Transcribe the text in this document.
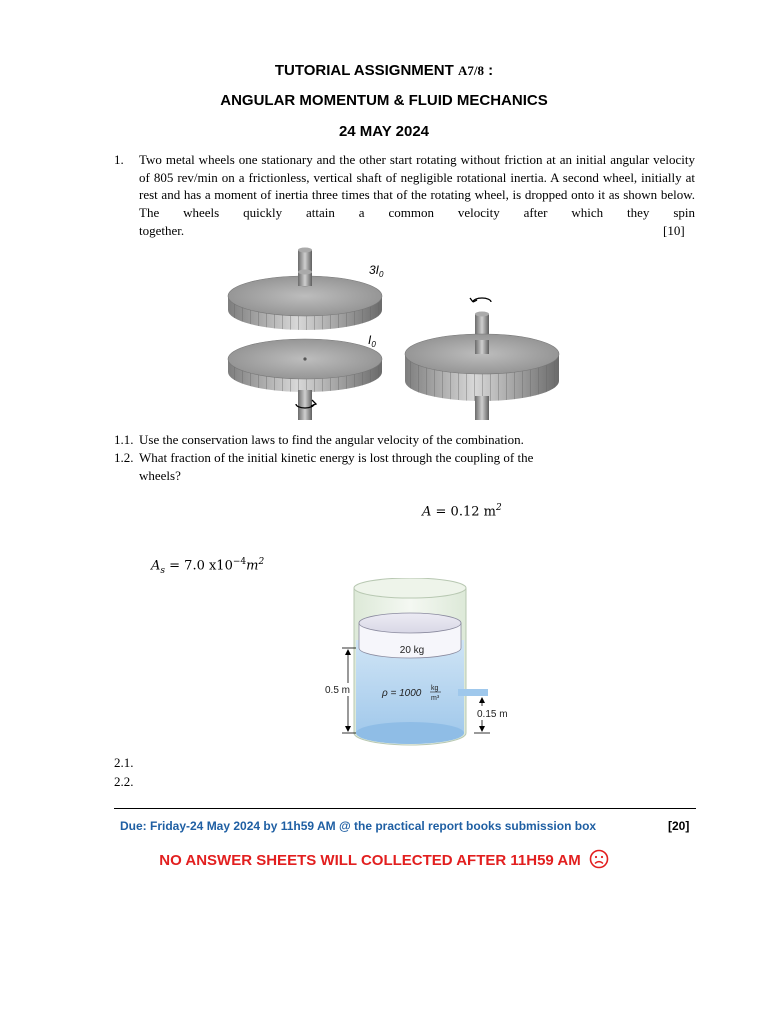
TUTORIAL ASSIGNMENT A7/8 :
ANGULAR MOMENTUM & FLUID MECHANICS
24 MAY 2024
1. Two metal wheels one stationary and the other start rotating without friction at an initial angular velocity of 805 rev/min on a frictionless, vertical shaft of negligible rotational inertia. A second wheel, initially at rest and has a moment of inertia three times that of the rotating wheel, is dropped onto it as shown below. The wheels quickly attain a common velocity after which they spin
together.	[10]
$3I_0$
$I_0$
1.1. Use the conservation laws to find the angular velocity of the combination.
1.2. What fraction of the initial kinetic energy is lost through the coupling of the
wheels?
A = 0.12 $m^2$
$A_s = 7.0$ $x10^{-4}m^2$
20 kg
0.5 m	ρ = 1000 kg
m³
0.15 m
2.1.
2.2.
Due: Friday-24 May 2024 by 11h59 AM @ the practical report books submission box	[20]
NO ANSWER SHEETS WILL COLLECTED AFTER 11H59 AM
